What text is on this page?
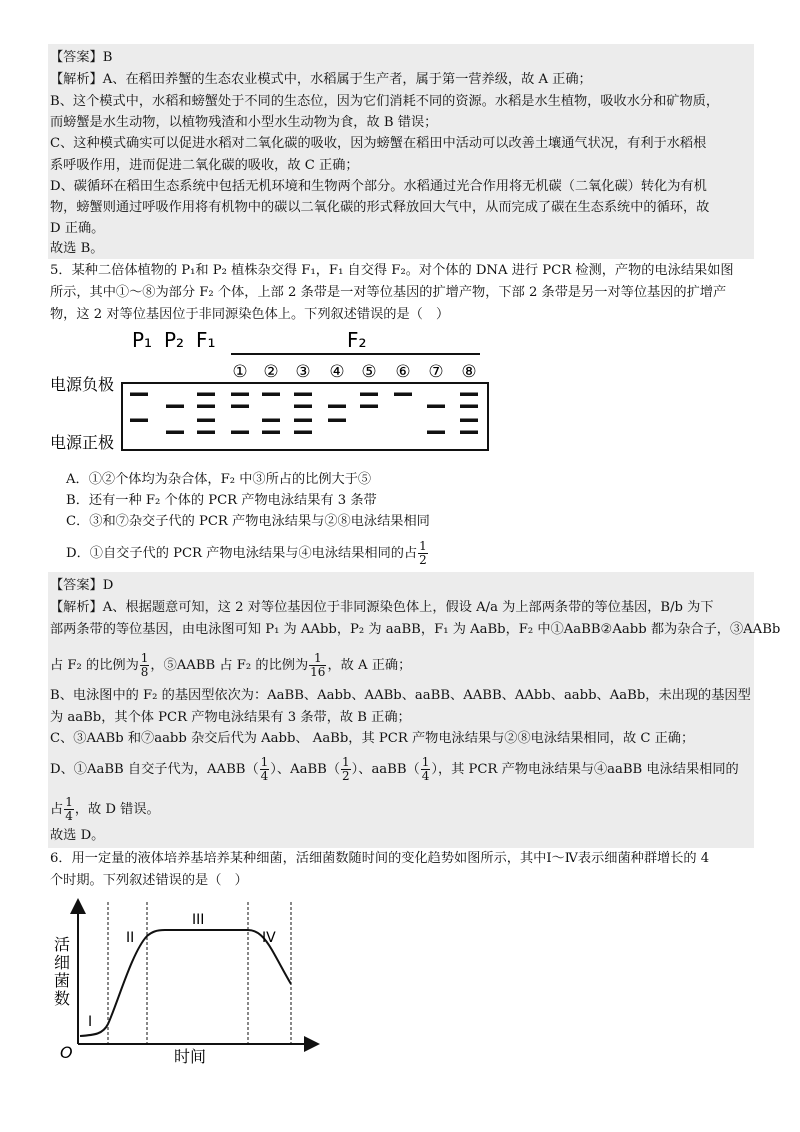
【答案】B
【解析】A、在稻田养蟹的生态农业模式中，水稻属于生产者，属于第一营养级，故 A 正确；
B、这个模式中，水稻和螃蟹处于不同的生态位，因为它们消耗不同的资源。水稻是水生植物，吸收水分和矿物质，
而螃蟹是水生动物，以植物残渣和小型水生动物为食，故 B 错误；
C、这种模式确实可以促进水稻对二氧化碳的吸收，因为螃蟹在稻田中活动可以改善土壤通气状况，有利于水稻根
系呼吸作用，进而促进二氧化碳的吸收，故 C 正确；
D、碳循环在稻田生态系统中包括无机环境和生物两个部分。水稻通过光合作用将无机碳（二氧化碳）转化为有机
物，螃蟹则通过呼吸作用将有机物中的碳以二氧化碳的形式释放回大气中，从而完成了碳在生态系统中的循环，故
D 正确。
故选 B。
5．某种二倍体植物的 P₁和 P₂ 植株杂交得 F₁，F₁ 自交得 F₂。对个体的 DNA 进行 PCR 检测，产物的电泳结果如图
所示，其中①～⑧为部分 F₂ 个体，上部 2 条带是一对等位基因的扩增产物，下部 2 条带是另一对等位基因的扩增产
物，这 2 对等位基因位于非同源染色体上。下列叙述错误的是（　）
P₁ P₂ F₁	F₂
① ② ③ ④ ⑤ ⑥ ⑦ ⑧
电源负极
电源正极
A．①②个体均为杂合体，F₂ 中③所占的比例大于⑤
B．还有一种 F₂ 个体的 PCR 产物电泳结果有 3 条带
C．③和⑦杂交子代的 PCR 产物电泳结果与②⑧电泳结果相同
D．①自交子代的 PCR 产物电泳结果与④电泳结果相同的占 $\frac{1}{2}$
【答案】D
【解析】A、根据题意可知，这 2 对等位基因位于非同源染色体上，假设 A/a 为上部两条带的等位基因，B/b 为下
部两条带的等位基因，由电泳图可知 P₁ 为 AAbb，P₂ 为 aaBB，F₁ 为 AaBb，F₂ 中①AaBB②Aabb 都为杂合子，③AABb
占 F₂ 的比例为 $\frac{1}{8}$ ，⑤AABB 占 F₂ 的比例为 $\frac{1}{16}$ ，故 A 正确；
B、电泳图中的 F₂ 的基因型依次为：AaBB、Aabb、AABb、aaBB、AABB、AAbb、aabb、AaBb，未出现的基因型
为 aaBb，其个体 PCR 产物电泳结果有 3 条带，故 B 正确；
C、③AABb 和⑦aabb 杂交后代为 Aabb、 AaBb，其 PCR 产物电泳结果与②⑧电泳结果相同，故 C 正确；
D、①AaBB 自交子代为，AABB（ $\frac{1}{4}$ ）、AaBB（ $\frac{1}{2}$ ）、aaBB（ $\frac{1}{4}$ ），其 PCR 产物电泳结果与④aaBB 电泳结果相同的
占 $\frac{1}{4}$ ，故 D 错误。
故选 D。
6．用一定量的液体培养基培养某种细菌，活细菌数随时间的变化趋势如图所示，其中Ⅰ～Ⅳ表示细菌种群增长的 4
个时期。下列叙述错误的是（　）
O
活
细
菌
数
时间
I
II
III
IV
